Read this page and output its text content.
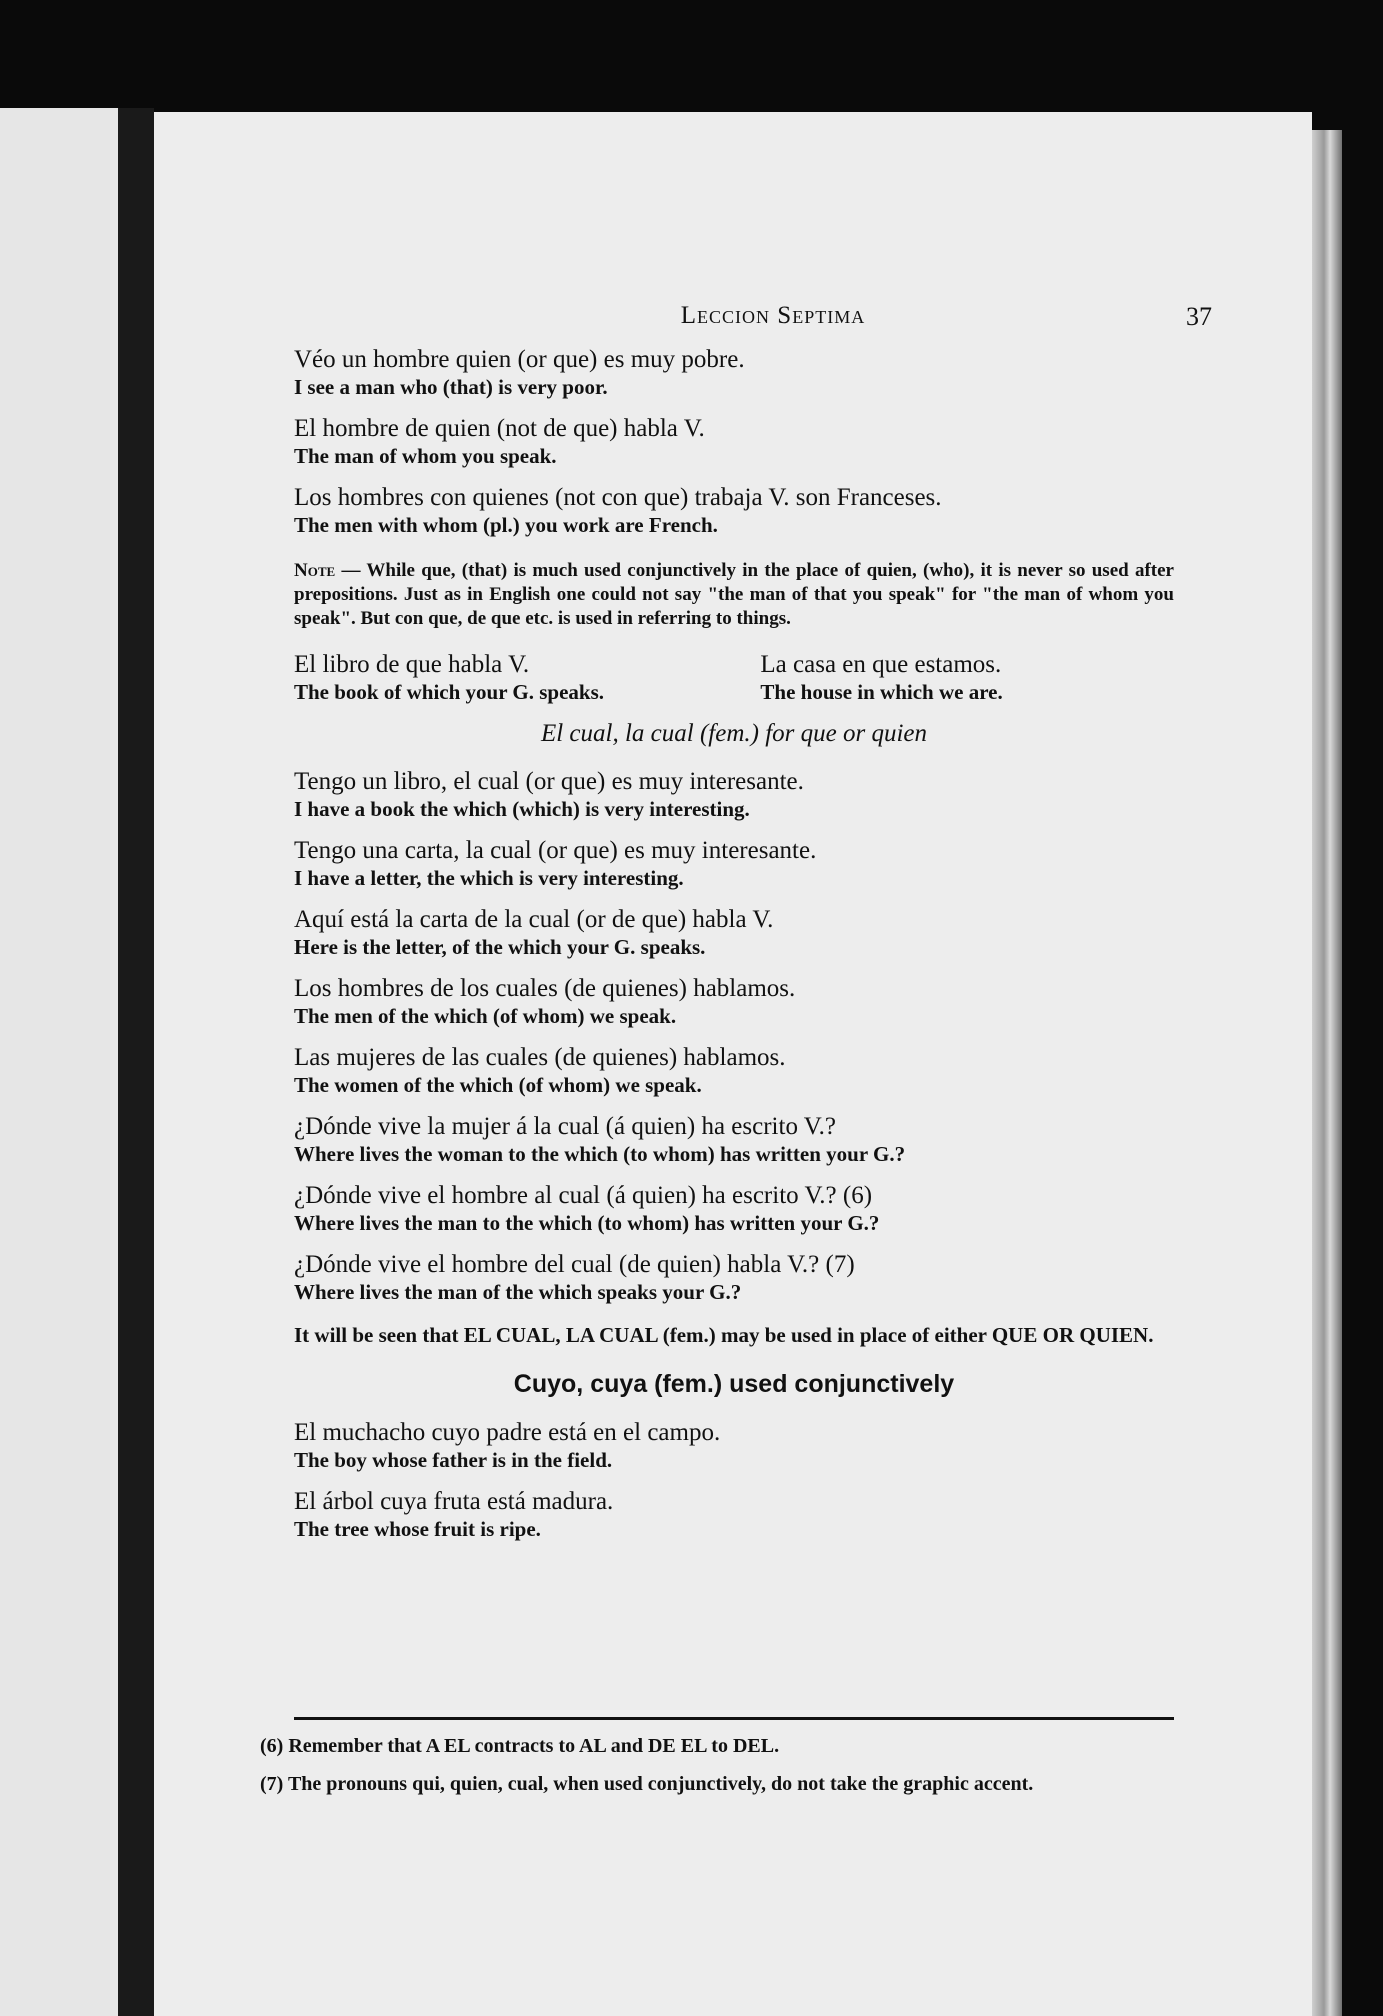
Leccion Septima	37
Véo un hombre quien (or que) es muy pobre.
I see a man who (that) is very poor.
El hombre de quien (not de que) habla V.
The man of whom you speak.
Los hombres con quienes (not con que) trabaja V. son Franceses.
The men with whom (pl.) you work are French.
Note — While que, (that) is much used conjunctively in the place of quien, (who), it is never so used after prepositions. Just as in English one could not say "the man of that you speak" for "the man of whom you speak". But con que, de que etc. is used in referring to things.
El libro de que habla V.
The book of which your G. speaks.
La casa en que estamos.
The house in which we are.
El cual, la cual (fem.) for que or quien
Tengo un libro, el cual (or que) es muy interesante.
I have a book the which (which) is very interesting.
Tengo una carta, la cual (or que) es muy interesante.
I have a letter, the which is very interesting.
Aquí está la carta de la cual (or de que) habla V.
Here is the letter, of the which your G. speaks.
Los hombres de los cuales (de quienes) hablamos.
The men of the which (of whom) we speak.
Las mujeres de las cuales (de quienes) hablamos.
The women of the which (of whom) we speak.
¿Dónde vive la mujer á la cual (á quien) ha escrito V.?
Where lives the woman to the which (to whom) has written your G.?
¿Dónde vive el hombre al cual (á quien) ha escrito V.? (6)
Where lives the man to the which (to whom) has written your G.?
¿Dónde vive el hombre del cual (de quien) habla V.? (7)
Where lives the man of the which speaks your G.?
It will be seen that EL CUAL, LA CUAL (fem.) may be used in place of either QUE OR QUIEN.
Cuyo, cuya (fem.) used conjunctively
El muchacho cuyo padre está en el campo.
The boy whose father is in the field.
El árbol cuya fruta está madura.
The tree whose fruit is ripe.
(6) Remember that A EL contracts to AL and DE EL to DEL.
(7) The pronouns qui, quien, cual, when used conjunctively, do not take the graphic accent.
